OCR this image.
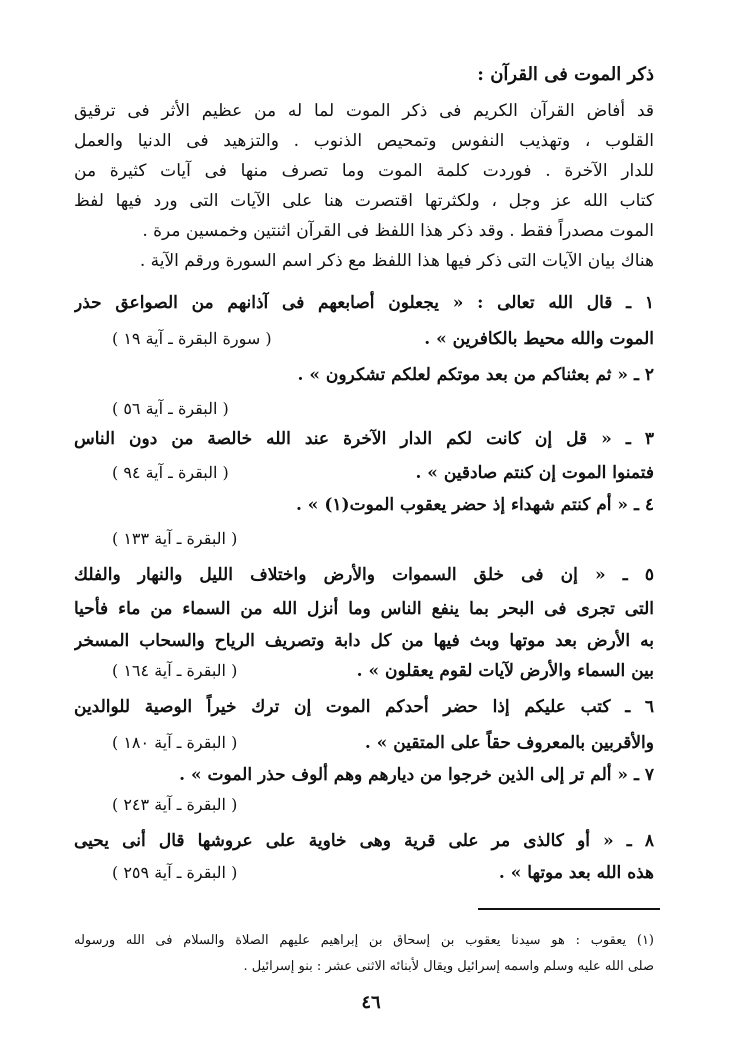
ذكر الموت فى القرآن :
قد أفاض القرآن الكريم فى ذكر الموت لما له من عظيم الأثر فى ترقيق
القلوب ، وتهذيب النفوس وتمحيص الذنوب . والتزهيد فى الدنيا والعمل
للدار الآخرة . فوردت كلمة الموت وما تصرف منها فى آيات كثيرة من
كتاب الله عز وجل ، ولكثرتها اقتصرت هنا على الآيات التى ورد فيها لفظ
الموت مصدراً فقط . وقد ذكر هذا اللفظ فى القرآن اثنتين وخمسين مرة .
هناك بيان الآيات التى ذكر فيها هذا اللفظ مع ذكر اسم السورة ورقم الآية .
١ ـ قال الله تعالى : « يجعلون أصابعهم فى آذانهم من الصواعق حذر
الموت والله محيط بالكافرين » .
( سورة البقرة ـ آية ١٩ )
٢ ـ « ثم بعثناكم من بعد موتكم لعلكم تشكرون » .
( البقرة ـ آية ٥٦ )
٣ ـ « قل إن كانت لكم الدار الآخرة عند الله خالصة من دون الناس
فتمنوا الموت إن كنتم صادقين » .
( البقرة ـ آية ٩٤ )
٤ ـ « أم كنتم شهداء إذ حضر يعقوب الموت(١) » .
( البقرة ـ آية ١٣٣ )
٥ ـ « إن فى خلق السموات والأرض واختلاف الليل والنهار والفلك
التى تجرى فى البحر بما ينفع الناس وما أنزل الله من السماء من ماء فأحيا
به الأرض بعد موتها وبث فيها من كل دابة وتصريف الرياح والسحاب المسخر
بين السماء والأرض لآيات لقوم يعقلون » .
( البقرة ـ آية ١٦٤ )
٦ ـ كتب عليكم إذا حضر أحدكم الموت إن ترك خيراً الوصية للوالدين
والأقربين بالمعروف حقاً على المتقين » .
( البقرة ـ آية ١٨٠ )
٧ ـ « ألم تر إلى الذين خرجوا من ديارهم وهم ألوف حذر الموت » .
( البقرة ـ آية ٢٤٣ )
٨ ـ « أو كالذى مر على قرية وهى خاوية على عروشها قال أنى يحيى
هذه الله بعد موتها » .
( البقرة ـ آية ٢٥٩ )
(١) يعقوب : هو سيدنا يعقوب بن إسحاق بن إبراهيم عليهم الصلاة والسلام فى الله ورسوله
صلى الله عليه وسلم واسمه إسرائيل ويقال لأبنائه الاثنى عشر : بنو إسرائيل .
٤٦
